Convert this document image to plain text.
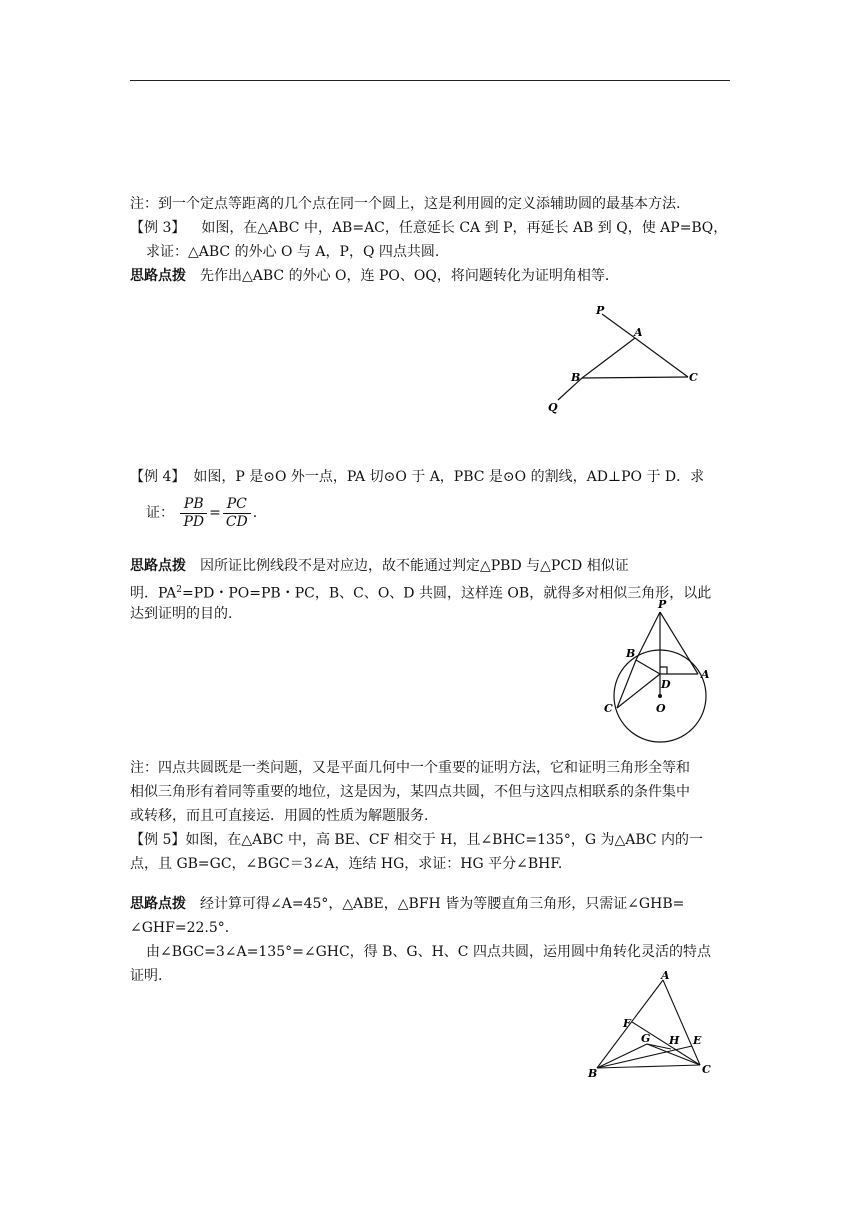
注：到一个定点等距离的几个点在同一个圆上，这是利用圆的定义添辅助圆的最基本方法.
【例 3】 如图，在△ABC 中，AB=AC，任意延长 CA 到 P，再延长 AB 到 Q，使 AP=BQ，
求证：△ABC 的外心 O 与 A，P，Q 四点共圆.
思路点拨 先作出△ABC 的外心 O，连 PO、OQ，将问题转化为证明角相等.
P
A
B	C
Q
【例 4】 如图，P 是⊙O 外一点，PA 切⊙O 于 A，PBC 是⊙O 的割线，AD⊥PO 于 D．求
证： $\frac{PB}{PD} = \frac{PC}{CD}$ .
思路点拨 因所证比例线段不是对应边，故不能通过判定△PBD 与△PCD 相似证
明．$PA^2=PD$・PO=PB・PC，B、C、O、D 共圆，这样连 OB，就得多对相似三角形，以此
达到证明的目的.
P
B
D
A
C	O
注：四点共圆既是一类问题，又是平面几何中一个重要的证明方法，它和证明三角形全等和
相似三角形有着同等重要的地位，这是因为，某四点共圆，不但与这四点相联系的条件集中
或转移，而且可直接运．用圆的性质为解题服务.
【例 5】如图，在△ABC 中，高 BE、CF 相交于 H，且∠BHC=135°，G 为△ABC 内的一
点，且 GB=GC，∠BGC＝3∠A，连结 HG，求证：HG 平分∠BHF.
思路点拨 经计算可得∠A=45°，△ABE，△BFH 皆为等腰直角三角形，只需证∠GHB=
∠GHF=22.5°．
由∠BGC=3∠A=135°=∠GHC，得 B、G、H、C 四点共圆，运用圆中角转化灵活的特点
证明.	A
F
G H E
B	C
